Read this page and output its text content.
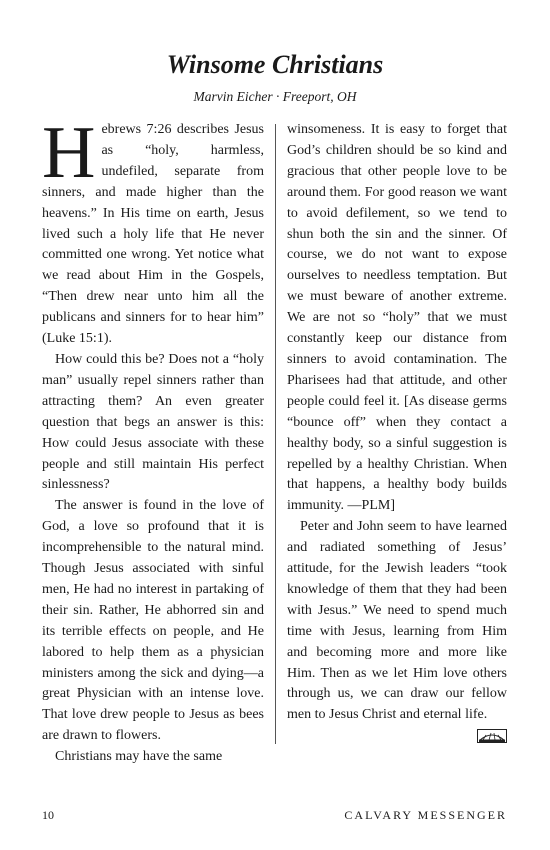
Winsome Christians
Marvin Eicher · Freeport, OH

Hebrews 7:26 describes Jesus as “holy, harmless, undefiled, separate from sinners, and made higher than the heavens.” In His time on earth, Jesus lived such a holy life that He never committed one wrong. Yet notice what we read about Him in the Gospels, “Then drew near unto him all the publicans and sinners for to hear him” (Luke 15:1).

How could this be? Does not a “holy man” usually repel sinners rather than attracting them? An even greater question that begs an answer is this: How could Jesus associate with these people and still maintain His perfect sinlessness?

The answer is found in the love of God, a love so profound that it is incomprehensible to the natural mind. Though Jesus associated with sinful men, He had no interest in partaking of their sin. Rather, He abhorred sin and its terrible effects on people, and He labored to help them as a physician ministers among the sick and dying—a great Physician with an intense love. That love drew people to Jesus as bees are drawn to flowers.

Christians may have the same

winsomeness. It is easy to forget that God’s children should be so kind and gracious that other people love to be around them. For good reason we want to avoid defilement, so we tend to shun both the sin and the sinner. Of course, we do not want to expose ourselves to needless temptation. But we must beware of another extreme. We are not so “holy” that we must constantly keep our distance from sinners to avoid contamination. The Pharisees had that attitude, and other people could feel it. [As disease germs “bounce off” when they contact a healthy body, so a sinful suggestion is repelled by a healthy Christian. When that happens, a healthy body builds immunity. —PLM]

Peter and John seem to have learned and radiated something of Jesus’ attitude, for the Jewish leaders “took knowledge of them that they had been with Jesus.” We need to spend much time with Jesus, learning from Him and becoming more and more like Him. Then as we let Him love others through us, we can draw our fellow men to Jesus Christ and eternal life.

10	CALVARY MESSENGER
